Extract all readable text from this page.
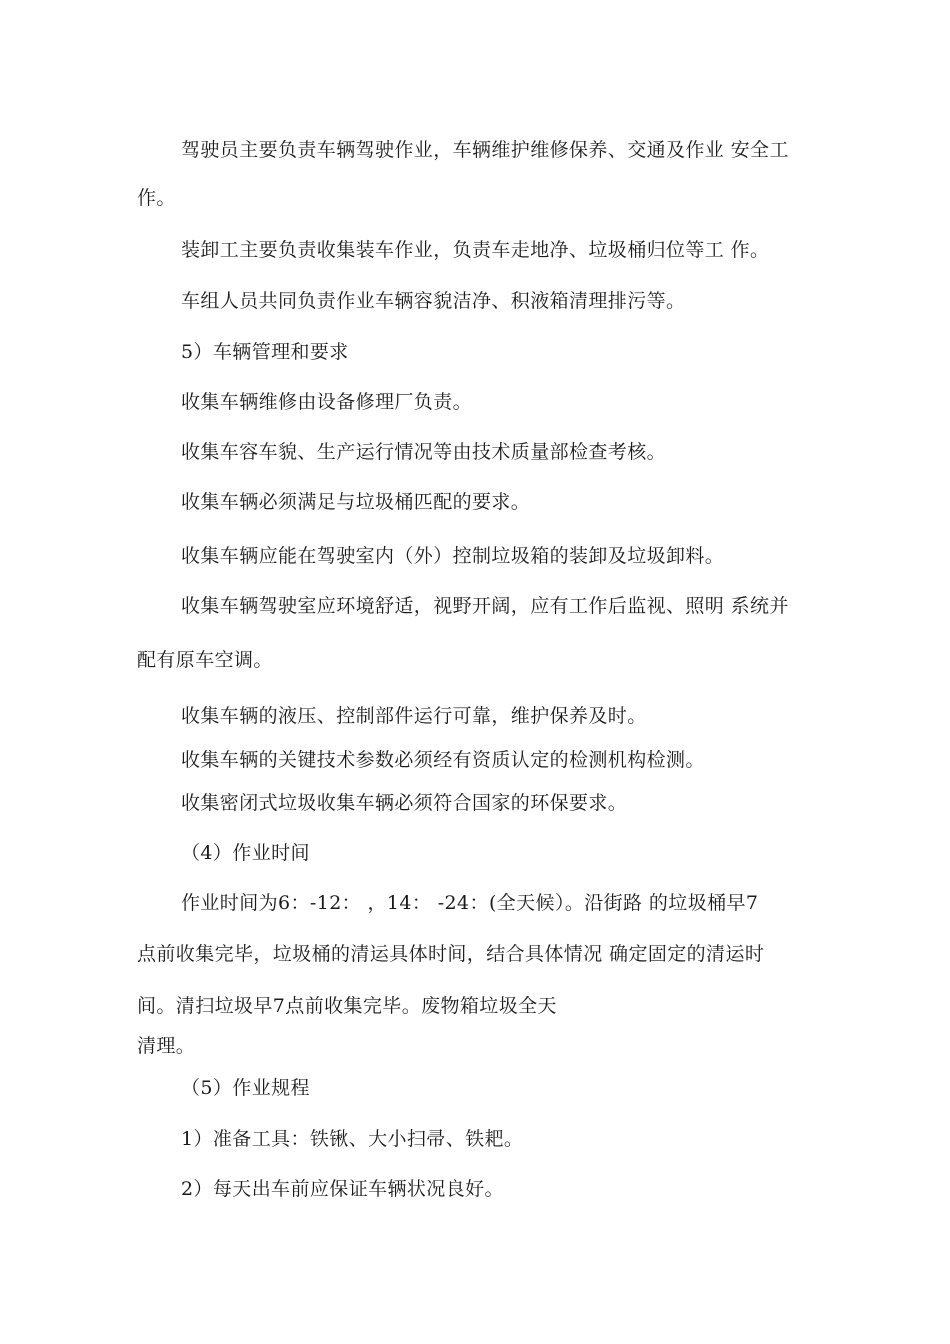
驾驶员主要负责车辆驾驶作业，车辆维护维修保养、交通及作业 安全工
作。
装卸工主要负责收集装车作业，负责车走地净、垃圾桶归位等工 作。
车组人员共同负责作业车辆容貌洁净、积液箱清理排污等。
5）车辆管理和要求
收集车辆维修由设备修理厂负责。
收集车容车貌、生产运行情况等由技术质量部检查考核。
收集车辆必须满足与垃圾桶匹配的要求。
收集车辆应能在驾驶室内（外）控制垃圾箱的装卸及垃圾卸料。
收集车辆驾驶室应环境舒适，视野开阔，应有工作后监视、照明 系统并
配有原车空调。
收集车辆的液压、控制部件运行可靠，维护保养及时。
收集车辆的关键技术参数必须经有资质认定的检测机构检测。
收集密闭式垃圾收集车辆必须符合国家的环保要求。
（4）作业时间
作业时间为6：-12： ，14： -24：(全天候）。沿街路 的垃圾桶早7
点前收集完毕，垃圾桶的清运具体时间，结合具体情况 确定固定的清运时
间。清扫垃圾早7点前收集完毕。废物箱垃圾全天
清理。
（5）作业规程
1）准备工具：铁锹、大小扫帚、铁耙。
2）每天出车前应保证车辆状况良好。
